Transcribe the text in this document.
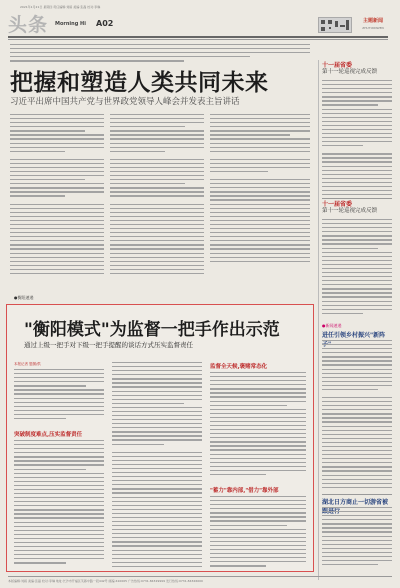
2021年1月21日 星期四 责任编辑:刘娟 美编:张磊 校对:李琳
头条 Morning Hi A02	主题新闻
ZHUTIXINWEN
把握和塑造人类共同未来
习近平出席中国共产党与世界政党领导人峰会并发表主旨讲话
十一届省委
第十一轮巡视完成反馈
十一届省委
第十一轮巡视完成反馈
●新闻速递
进任引领乡村振兴"新阵
湖北日方商止一切游省被
●衡阳速递
"衡阳模式"为监督一把手作出示范
通过上级一把手对下级一把手提醒的谈话方式压实监督责任
本报记者 题图/供
突破制度难点,压实监督责任
监督全天候,褒赌常态化
"蓄力"靠内部,"借力"靠外部
本版编辑:刘娟 美编:张磊 校对:李琳 地址:长沙市开福区芙蓉中路一段442号 邮编:410005 广告热线:0731-84329999 发行热线:0731-84326000
